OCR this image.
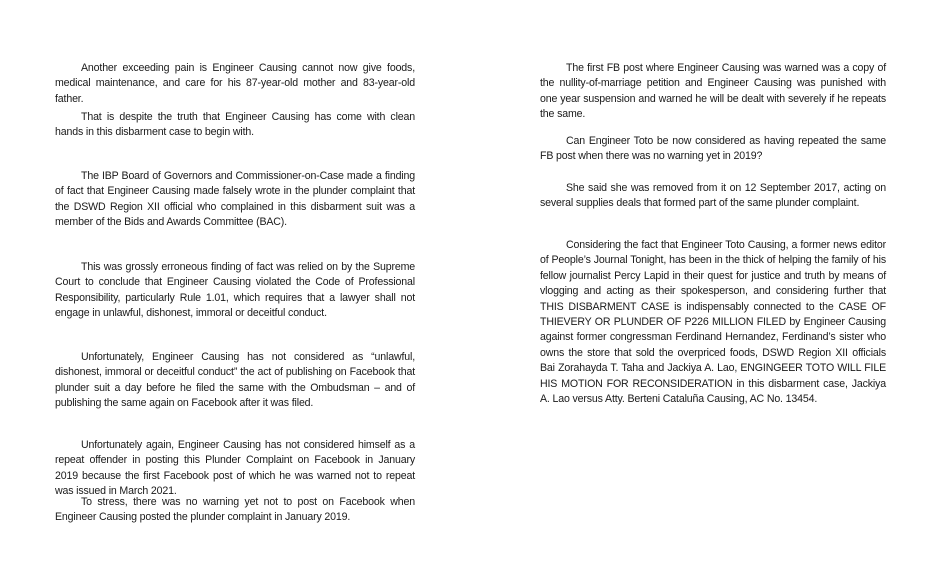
Another exceeding pain is Engineer Causing cannot now give foods, medical maintenance, and care for his 87-year-old mother and 83-year-old father.

That is despite the truth that Engineer Causing has come with clean hands in this disbarment case to begin with.

The IBP Board of Governors and Commissioner-on-Case made a finding of fact that Engineer Causing made falsely wrote in the plunder complaint that the DSWD Region XII official who complained in this disbarment suit was a member of the Bids and Awards Committee (BAC).

This was grossly erroneous finding of fact was relied on by the Supreme Court to conclude that Engineer Causing violated the Code of Professional Responsibility, particularly Rule 1.01, which requires that a lawyer shall not engage in unlawful, dishonest, immoral or deceitful conduct.

Unfortunately, Engineer Causing has not considered as “unlawful, dishonest, immoral or deceitful conduct” the act of publishing on Facebook that plunder suit a day before he filed the same with the Ombudsman – and of publishing the same again on Facebook after it was filed.

Unfortunately again, Engineer Causing has not considered himself as a repeat offender in posting this Plunder Complaint on Facebook in January 2019 because the first Facebook post of which he was warned not to repeat was issued in March 2021.

To stress, there was no warning yet not to post on Facebook when Engineer Causing posted the plunder complaint in January 2019.

The first FB post where Engineer Causing was warned was a copy of the nullity-of-marriage petition and Engineer Causing was punished with one year suspension and warned he will be dealt with severely if he repeats the same.

Can Engineer Toto be now considered as having repeated the same FB post when there was no warning yet in 2019?

She said she was removed from it on 12 September 2017, acting on several supplies deals that formed part of the same plunder complaint.

Considering the fact that Engineer Toto Causing, a former news editor of People’s Journal Tonight, has been in the thick of helping the family of his fellow journalist Percy Lapid in their quest for justice and truth by means of vlogging and acting as their spokesperson, and considering further that THIS DISBARMENT CASE is indispensably connected to the CASE OF THIEVERY OR PLUNDER OF P226 MILLION FILED by Engineer Causing against former congressman Ferdinand Hernandez, Ferdinand’s sister who owns the store that sold the overpriced foods, DSWD Region XII officials Bai Zorahayda T. Taha and Jackiya A. Lao, ENGINGEER TOTO WILL FILE HIS MOTION FOR RECONSIDERATION in this disbarment case, Jackiya A. Lao versus Atty. Berteni Cataluña Causing, AC No. 13454.
